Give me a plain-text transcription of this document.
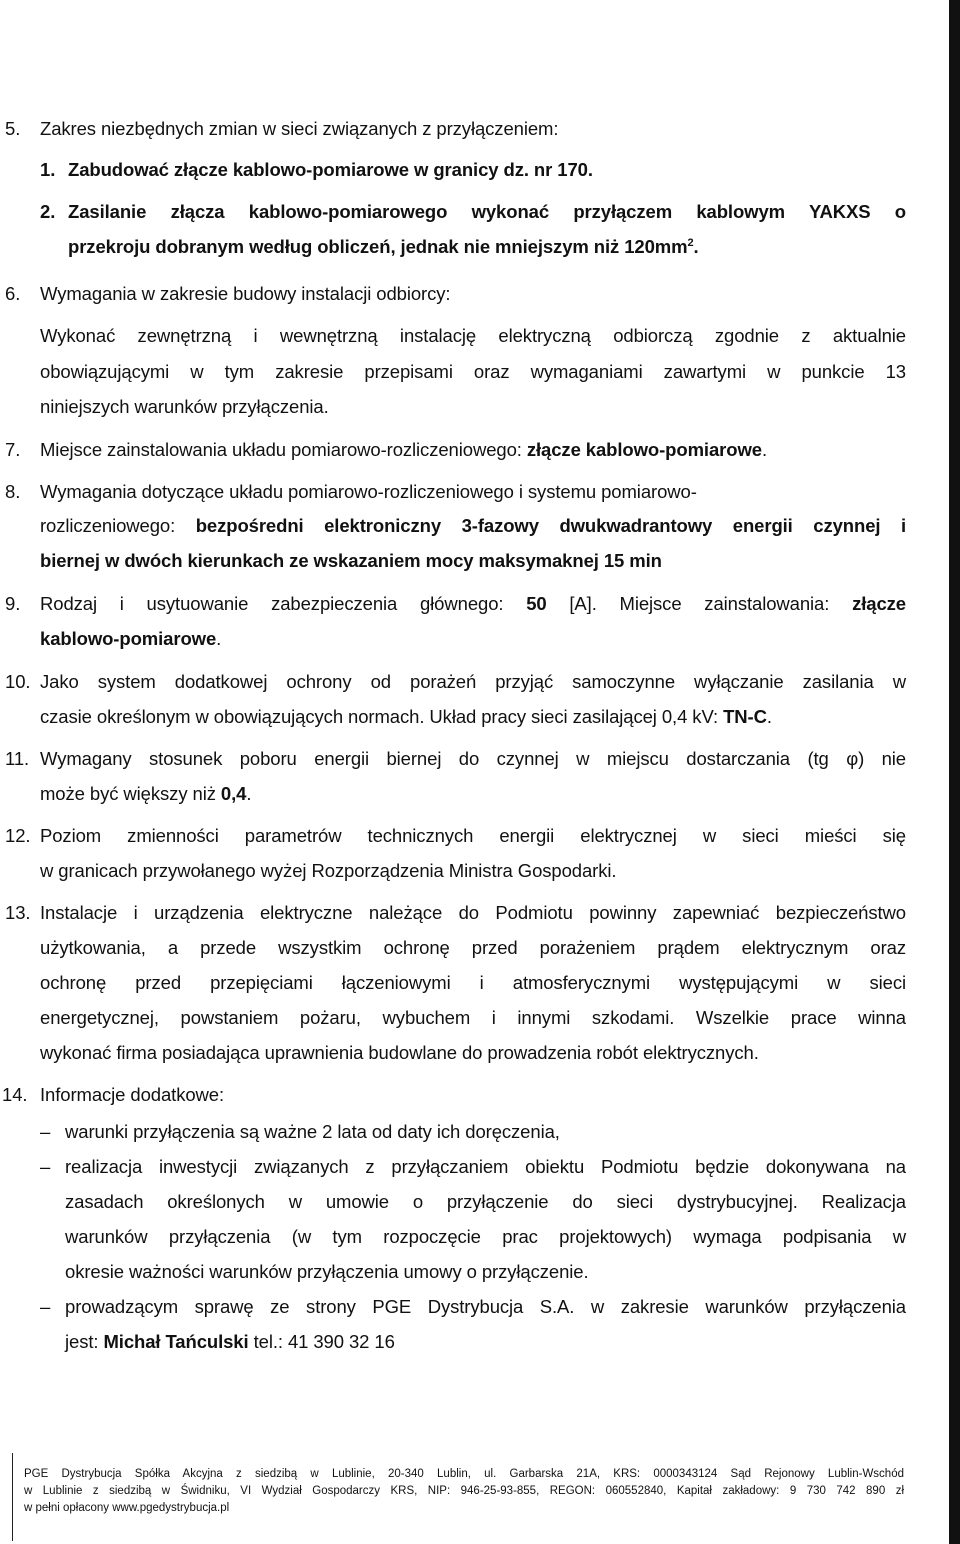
5. Zakres niezbędnych zmian w sieci związanych z przyłączeniem:
1. Zabudować złącze kablowo-pomiarowe w granicy dz. nr 170.
2. Zasilanie złącza kablowo-pomiarowego wykonać przyłączem kablowym YAKXS o
przekroju dobranym według obliczeń, jednak nie mniejszym niż $120mm^2$.
6. Wymagania w zakresie budowy instalacji odbiorcy:
Wykonać zewnętrzną i wewnętrzną instalację elektryczną odbiorczą zgodnie z aktualnie
obowiązującymi w tym zakresie przepisami oraz wymaganiami zawartymi w punkcie 13
niniejszych warunków przyłączenia.
7. Miejsce zainstalowania układu pomiarowo-rozliczeniowego: złącze kablowo-pomiarowe.
8. Wymagania dotyczące układu pomiarowo-rozliczeniowego i systemu pomiarowo-
rozliczeniowego: bezpośredni elektroniczny 3-fazowy dwukwadrantowy energii czynnej i
biernej w dwóch kierunkach ze wskazaniem mocy maksymaknej 15 min
9. Rodzaj i usytuowanie zabezpieczenia głównego: 50 [A]. Miejsce zainstalowania: złącze
kablowo-pomiarowe.
10. Jako system dodatkowej ochrony od porażeń przyjąć samoczynne wyłączanie zasilania w
czasie określonym w obowiązujących normach. Układ pracy sieci zasilającej 0,4 kV: TN-C.
11. Wymagany stosunek poboru energii biernej do czynnej w miejscu dostarczania (tg φ) nie
może być większy niż 0,4.
12. Poziom zmienności parametrów technicznych energii elektrycznej w sieci mieści się
w granicach przywołanego wyżej Rozporządzenia Ministra Gospodarki.
13. Instalacje i urządzenia elektryczne należące do Podmiotu powinny zapewniać bezpieczeństwo
użytkowania, a przede wszystkim ochronę przed porażeniem prądem elektrycznym oraz
ochronę przed przepięciami łączeniowymi i atmosferycznymi występującymi w sieci
energetycznej, powstaniem pożaru, wybuchem i innymi szkodami. Wszelkie prace winna
wykonać firma posiadająca uprawnienia budowlane do prowadzenia robót elektrycznych.
14. Informacje dodatkowe:
– warunki przyłączenia są ważne 2 lata od daty ich doręczenia,
– realizacja inwestycji związanych z przyłączaniem obiektu Podmiotu będzie dokonywana na
zasadach określonych w umowie o przyłączenie do sieci dystrybucyjnej. Realizacja
warunków przyłączenia (w tym rozpoczęcie prac projektowych) wymaga podpisania w
okresie ważności warunków przyłączenia umowy o przyłączenie.
– prowadzącym sprawę ze strony PGE Dystrybucja S.A. w zakresie warunków przyłączenia
jest: Michał Tańculski tel.: 41 390 32 16
PGE Dystrybucja Spółka Akcyjna z siedzibą w Lublinie, 20-340 Lublin, ul. Garbarska 21A, KRS: 0000343124 Sąd Rejonowy Lublin-Wschód
w Lublinie z siedzibą w Świdniku, VI Wydział Gospodarczy KRS, NIP: 946-25-93-855, REGON: 060552840, Kapitał zakładowy: 9 730 742 890 zł
w pełni opłacony www.pgedystrybucja.pl
